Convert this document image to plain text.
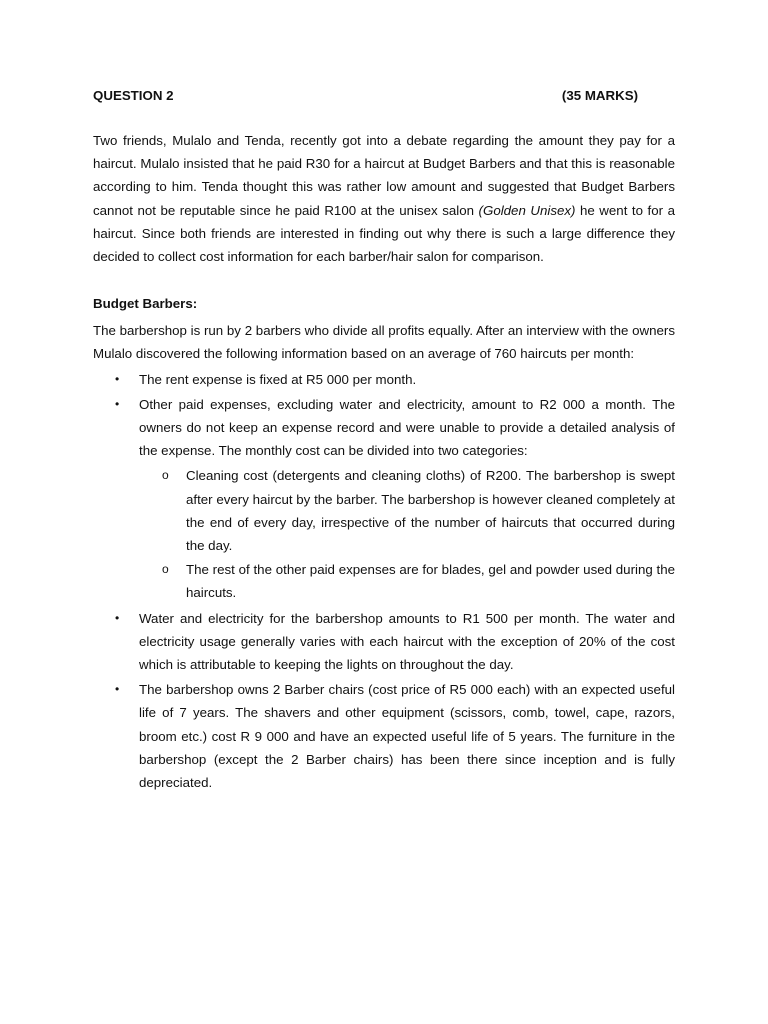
QUESTION 2	(35 MARKS)

Two friends, Mulalo and Tenda, recently got into a debate regarding the amount they pay for a haircut. Mulalo insisted that he paid R30 for a haircut at Budget Barbers and that this is reasonable according to him. Tenda thought this was rather low amount and suggested that Budget Barbers cannot not be reputable since he paid R100 at the unisex salon (Golden Unisex) he went to for a haircut. Since both friends are interested in finding out why there is such a large difference they decided to collect cost information for each barber/hair salon for comparison.

Budget Barbers:

The barbershop is run by 2 barbers who divide all profits equally. After an interview with the owners Mulalo discovered the following information based on an average of 760 haircuts per month:

• The rent expense is fixed at R5 000 per month.
• Other paid expenses, excluding water and electricity, amount to R2 000 a month. The owners do not keep an expense record and were unable to provide a detailed analysis of the expense. The monthly cost can be divided into two categories:
o Cleaning cost (detergents and cleaning cloths) of R200. The barbershop is swept after every haircut by the barber. The barbershop is however cleaned completely at the end of every day, irrespective of the number of haircuts that occurred during the day.
o The rest of the other paid expenses are for blades, gel and powder used during the haircuts.
• Water and electricity for the barbershop amounts to R1 500 per month. The water and electricity usage generally varies with each haircut with the exception of 20% of the cost which is attributable to keeping the lights on throughout the day.
• The barbershop owns 2 Barber chairs (cost price of R5 000 each) with an expected useful life of 7 years. The shavers and other equipment (scissors, comb, towel, cape, razors, broom etc.) cost R 9 000 and have an expected useful life of 5 years. The furniture in the barbershop (except the 2 Barber chairs) has been there since inception and is fully depreciated.
